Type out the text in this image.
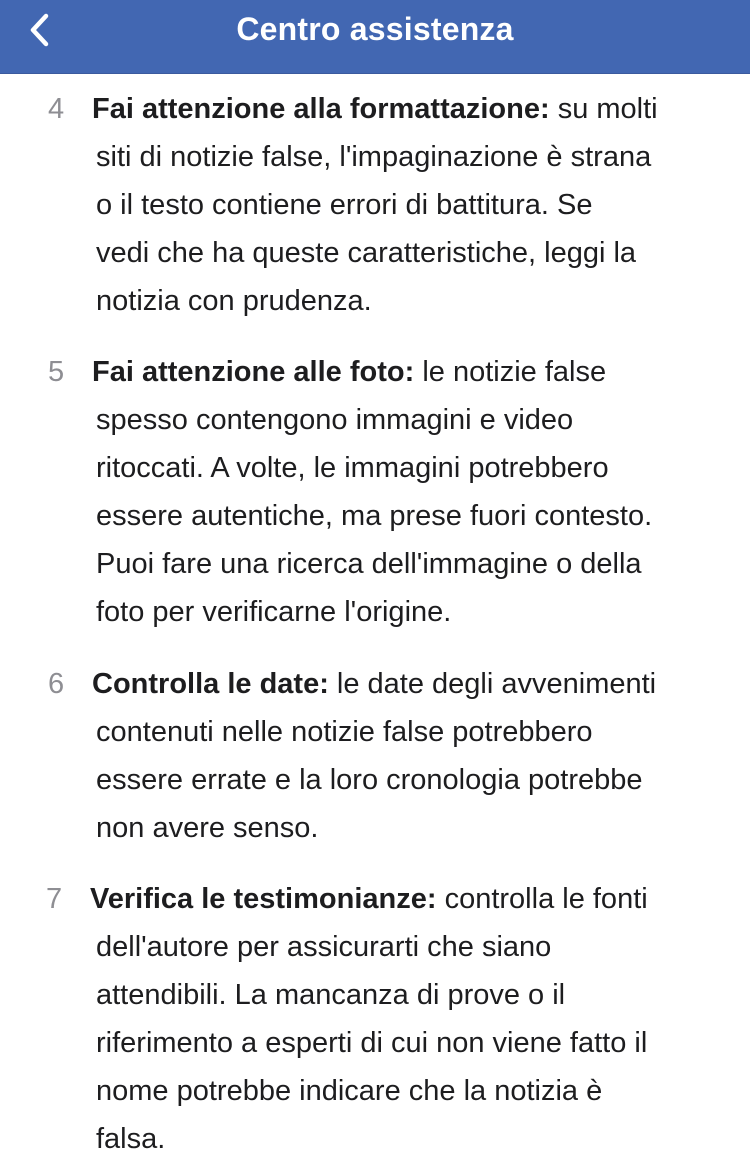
Centro assistenza
4 Fai attenzione alla formattazione: su molti
siti di notizie false, l'impaginazione è strana
o il testo contiene errori di battitura. Se
vedi che ha queste caratteristiche, leggi la
notizia con prudenza.
5 Fai attenzione alle foto: le notizie false
spesso contengono immagini e video
ritoccati. A volte, le immagini potrebbero
essere autentiche, ma prese fuori contesto.
Puoi fare una ricerca dell'immagine o della
foto per verificarne l'origine.
6 Controlla le date: le date degli avvenimenti
contenuti nelle notizie false potrebbero
essere errate e la loro cronologia potrebbe
non avere senso.
7 Verifica le testimonianze: controlla le fonti
dell'autore per assicurarti che siano
attendibili. La mancanza di prove o il
riferimento a esperti di cui non viene fatto il
nome potrebbe indicare che la notizia è
falsa.
